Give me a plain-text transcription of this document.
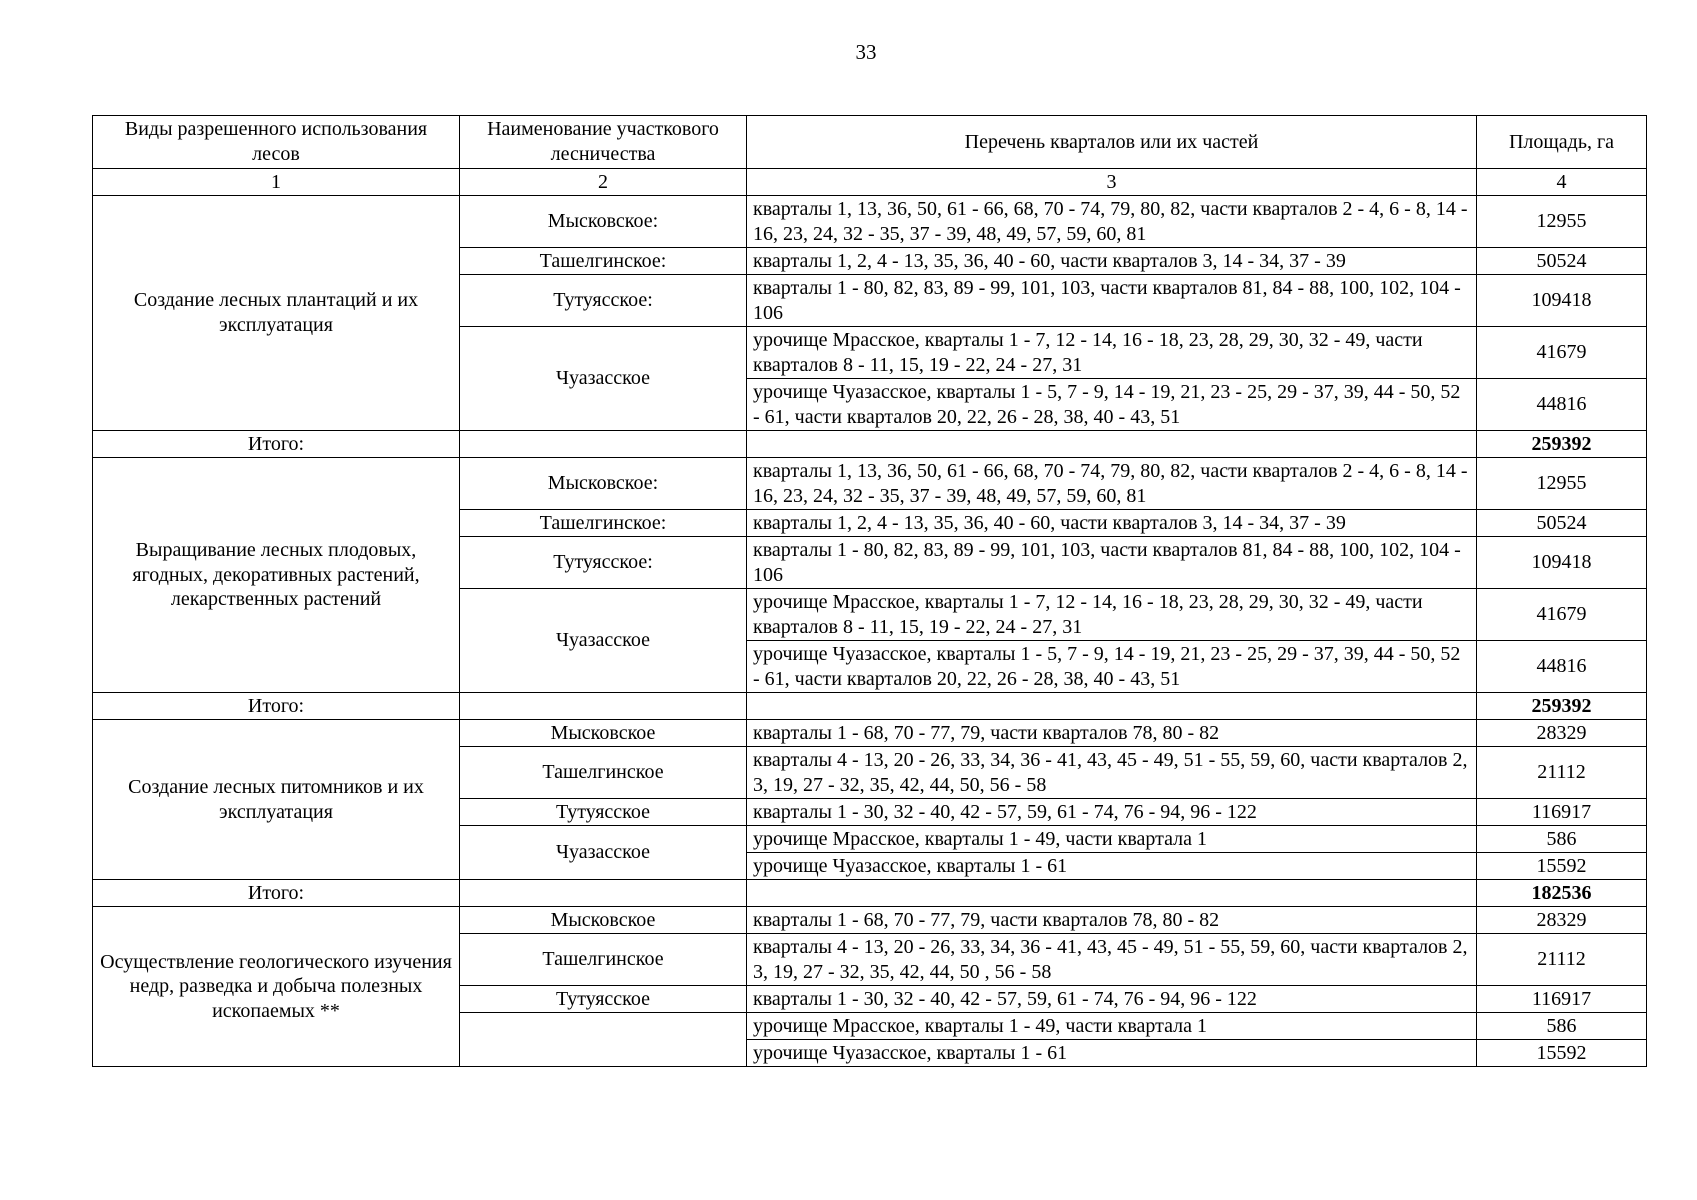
33
Виды разрешенного использования лесов	Наименование участкового лесничества	Перечень кварталов или их частей	Площадь, га
1	2	3	4
Создание лесных плантаций и их эксплуатация	Мысковское:	кварталы 1, 13, 36, 50, 61 - 66, 68, 70 - 74, 79, 80, 82, части кварталов 2 - 4, 6 - 8, 14 - 16, 23, 24, 32 - 35, 37 - 39, 48, 49, 57, 59, 60, 81	12955
	Ташелгинское:	кварталы 1, 2, 4 - 13, 35, 36, 40 - 60, части кварталов 3, 14 - 34, 37 - 39	50524
	Тутуясское:	кварталы 1 - 80, 82, 83, 89 - 99, 101, 103, части кварталов 81, 84 - 88, 100, 102, 104 - 106	109418
	Чуазасское	урочище Мрасское, кварталы 1 - 7, 12 - 14, 16 - 18, 23, 28, 29, 30, 32 - 49, части кварталов 8 - 11, 15, 19 - 22, 24 - 27, 31	41679
		урочище Чуазасское, кварталы 1 - 5, 7 - 9, 14 - 19, 21, 23 - 25, 29 - 37, 39, 44 - 50, 52 - 61, части кварталов 20, 22, 26 - 28, 38, 40 - 43, 51	44816
Итого:			259392
Выращивание лесных плодовых, ягодных, декоративных растений, лекарственных растений	Мысковское:	кварталы 1, 13, 36, 50, 61 - 66, 68, 70 - 74, 79, 80, 82, части кварталов 2 - 4, 6 - 8, 14 - 16, 23, 24, 32 - 35, 37 - 39, 48, 49, 57, 59, 60, 81	12955
	Ташелгинское:	кварталы 1, 2, 4 - 13, 35, 36, 40 - 60, части кварталов 3, 14 - 34, 37 - 39	50524
	Тутуясское:	кварталы 1 - 80, 82, 83, 89 - 99, 101, 103, части кварталов 81, 84 - 88, 100, 102, 104 - 106	109418
	Чуазасское	урочище Мрасское, кварталы 1 - 7, 12 - 14, 16 - 18, 23, 28, 29, 30, 32 - 49, части кварталов 8 - 11, 15, 19 - 22, 24 - 27, 31	41679
		урочище Чуазасское, кварталы 1 - 5, 7 - 9, 14 - 19, 21, 23 - 25, 29 - 37, 39, 44 - 50, 52 - 61, части кварталов 20, 22, 26 - 28, 38, 40 - 43, 51	44816
Итого:			259392
Создание лесных питомников и их эксплуатация	Мысковское	кварталы 1 - 68, 70 - 77, 79, части кварталов 78, 80 - 82	28329
	Ташелгинское	кварталы 4 - 13, 20 - 26, 33, 34, 36 - 41, 43, 45 - 49, 51 - 55, 59, 60, части кварталов 2, 3, 19, 27 - 32, 35, 42, 44, 50, 56 - 58	21112
	Тутуясское	кварталы 1 - 30, 32 - 40, 42 - 57, 59, 61 - 74, 76 - 94, 96 - 122	116917
	Чуазасское	урочище Мрасское, кварталы 1 - 49, части квартала 1	586
		урочище Чуазасское, кварталы 1 - 61	15592
Итого:			182536
Осуществление геологического изучения недр, разведка и добыча полезных ископаемых **	Мысковское	кварталы 1 - 68, 70 - 77, 79, части кварталов 78, 80 - 82	28329
	Ташелгинское	кварталы 4 - 13, 20 - 26, 33, 34, 36 - 41, 43, 45 - 49, 51 - 55, 59, 60, части кварталов 2, 3, 19, 27 - 32, 35, 42, 44, 50 , 56 - 58	21112
	Тутуясское	кварталы 1 - 30, 32 - 40, 42 - 57, 59, 61 - 74, 76 - 94, 96 - 122	116917
		урочище Мрасское, кварталы 1 - 49, части квартала 1	586
		урочище Чуазасское, кварталы 1 - 61	15592
